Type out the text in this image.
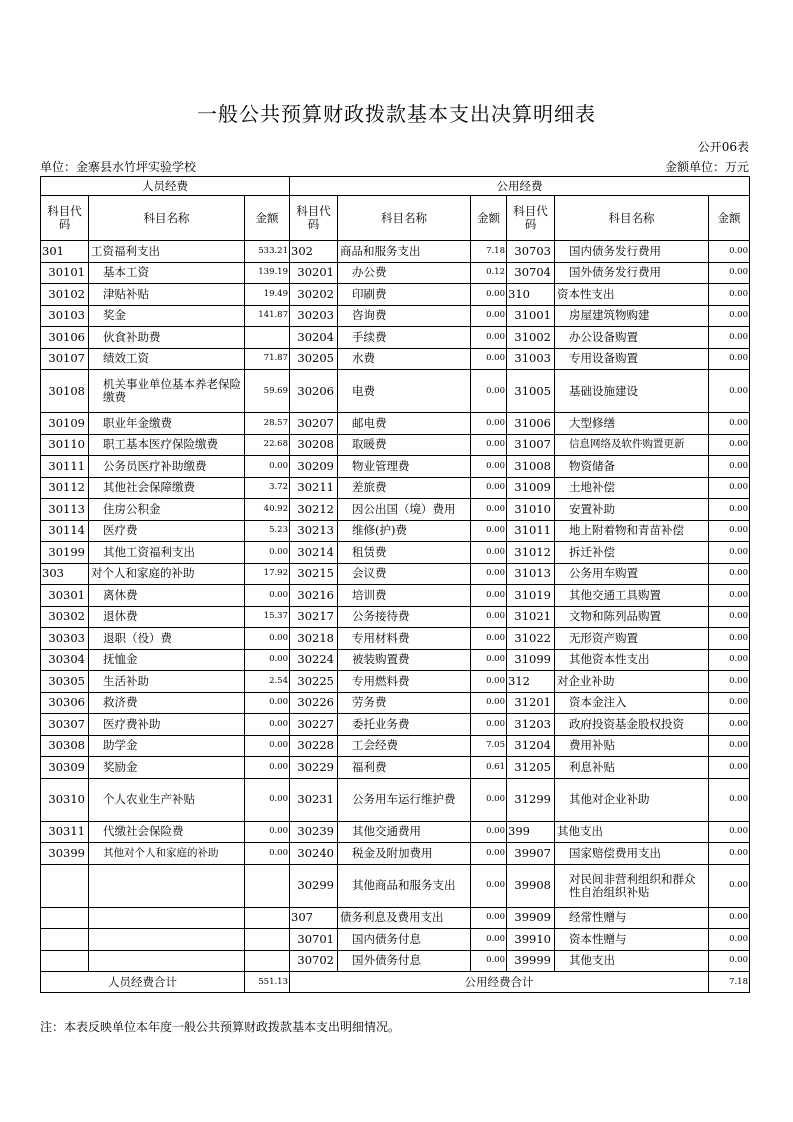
一般公共预算财政拨款基本支出决算明细表
公开06表
单位：金寨县水竹坪实验学校	金额单位：万元
人员经费			公用经费					
科目代码	科目名称	金额	科目代码	科目名称	金额	科目代码	科目名称	金额
301	工资福利支出	533.21	302	商品和服务支出	7.18	30703	国内债务发行费用	0.00
30101	基本工资	139.19	30201	办公费	0.12	30704	国外债务发行费用	0.00
30102	津贴补贴	19.49	30202	印刷费	0.00	310	资本性支出	0.00
30103	奖金	141.87	30203	咨询费	0.00	31001	房屋建筑物购建	0.00
30106	伙食补助费		30204	手续费	0.00	31002	办公设备购置	0.00
30107	绩效工资	71.87	30205	水费	0.00	31003	专用设备购置	0.00
30108	机关事业单位基本养老保险缴费	59.69	30206	电费	0.00	31005	基础设施建设	0.00
30109	职业年金缴费	28.57	30207	邮电费	0.00	31006	大型修缮	0.00
30110	职工基本医疗保险缴费	22.68	30208	取暖费	0.00	31007	信息网络及软件购置更新	0.00
30111	公务员医疗补助缴费	0.00	30209	物业管理费	0.00	31008	物资储备	0.00
30112	其他社会保障缴费	3.72	30211	差旅费	0.00	31009	土地补偿	0.00
30113	住房公积金	40.92	30212	因公出国（境）费用	0.00	31010	安置补助	0.00
30114	医疗费	5.23	30213	维修(护)费	0.00	31011	地上附着物和青苗补偿	0.00
30199	其他工资福利支出	0.00	30214	租赁费	0.00	31012	拆迁补偿	0.00
303	对个人和家庭的补助	17.92	30215	会议费	0.00	31013	公务用车购置	0.00
30301	离休费	0.00	30216	培训费	0.00	31019	其他交通工具购置	0.00
30302	退休费	15.37	30217	公务接待费	0.00	31021	文物和陈列品购置	0.00
30303	退职（役）费	0.00	30218	专用材料费	0.00	31022	无形资产购置	0.00
30304	抚恤金	0.00	30224	被装购置费	0.00	31099	其他资本性支出	0.00
30305	生活补助	2.54	30225	专用燃料费	0.00	312	对企业补助	0.00
30306	救济费	0.00	30226	劳务费	0.00	31201	资本金注入	0.00
30307	医疗费补助	0.00	30227	委托业务费	0.00	31203	政府投资基金股权投资	0.00
30308	助学金	0.00	30228	工会经费	7.05	31204	费用补贴	0.00
30309	奖励金	0.00	30229	福利费	0.61	31205	利息补贴	0.00
30310	个人农业生产补贴	0.00	30231	公务用车运行维护费	0.00	31299	其他对企业补助	0.00
30311	代缴社会保险费	0.00	30239	其他交通费用	0.00	399	其他支出	0.00
30399	其他对个人和家庭的补助	0.00	30240	税金及附加费用	0.00	39907	国家赔偿费用支出	0.00
			30299	其他商品和服务支出	0.00	39908	对民间非营利组织和群众性自治组织补贴	0.00
			307	债务利息及费用支出	0.00	39909	经常性赠与	0.00
			30701	国内债务付息	0.00	39910	资本性赠与	0.00
			30702	国外债务付息	0.00	39999	其他支出	0.00
人员经费合计		551.13	公用经费合计					7.18
注：本表反映单位本年度一般公共预算财政拨款基本支出明细情况。
